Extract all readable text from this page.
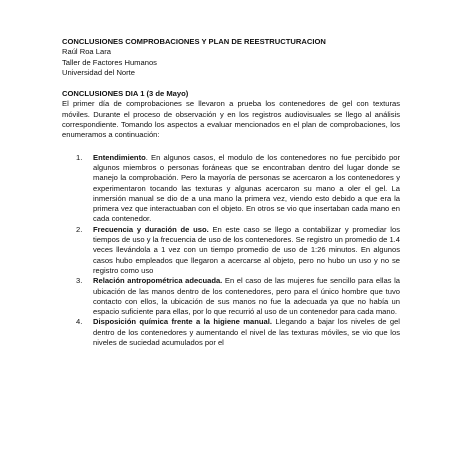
CONCLUSIONES COMPROBACIONES Y PLAN DE REESTRUCTURACION

Raúl Roa Lara

Taller de Factores Humanos

Universidad del Norte

CONCLUSIONES DIA 1 (3 de Mayo)

El primer día de comprobaciones se llevaron a prueba los contenedores de gel con texturas móviles. Durante el proceso de observación y en los registros audiovisuales se llego al análisis correspondiente. Tomando los aspectos a evaluar mencionados en el plan de comprobaciones, los enumeramos a continuación:

1. Entendimiento. En algunos casos, el modulo de los contenedores no fue percibido por algunos miembros o personas foráneas que se encontraban dentro del lugar donde se manejo la comprobación. Pero la mayoría de personas se acercaron a los contenedores y experimentaron tocando las texturas y algunas acercaron su mano a oler el gel. La inmersión manual se dio de a una mano la primera vez, viendo esto debido a que era la primera vez que interactuaban con el objeto. En otros se vio que insertaban cada mano en cada contenedor.
2. Frecuencia y duración de uso. En este caso se llego a contabilizar y promediar los tiempos de uso y la frecuencia de uso de los contenedores. Se registro un promedio de 1.4 veces llevándola a 1 vez con un tiempo promedio de uso de 1:26 minutos. En algunos casos hubo empleados que llegaron a acercarse al objeto, pero no hubo un uso y no se registro como uso
3. Relación antropométrica adecuada. En el caso de las mujeres fue sencillo para ellas la ubicación de las manos dentro de los contenedores, pero para el único hombre que tuvo contacto con ellos, la ubicación de sus manos no fue la adecuada ya que no había un espacio suficiente para ellas, por lo que recurrió al uso de un contenedor para cada mano.
4. Disposición química frente a la higiene manual. Llegando a bajar los niveles de gel dentro de los contenedores y aumentando el nivel de las texturas móviles, se vio que los niveles de suciedad acumulados por el
